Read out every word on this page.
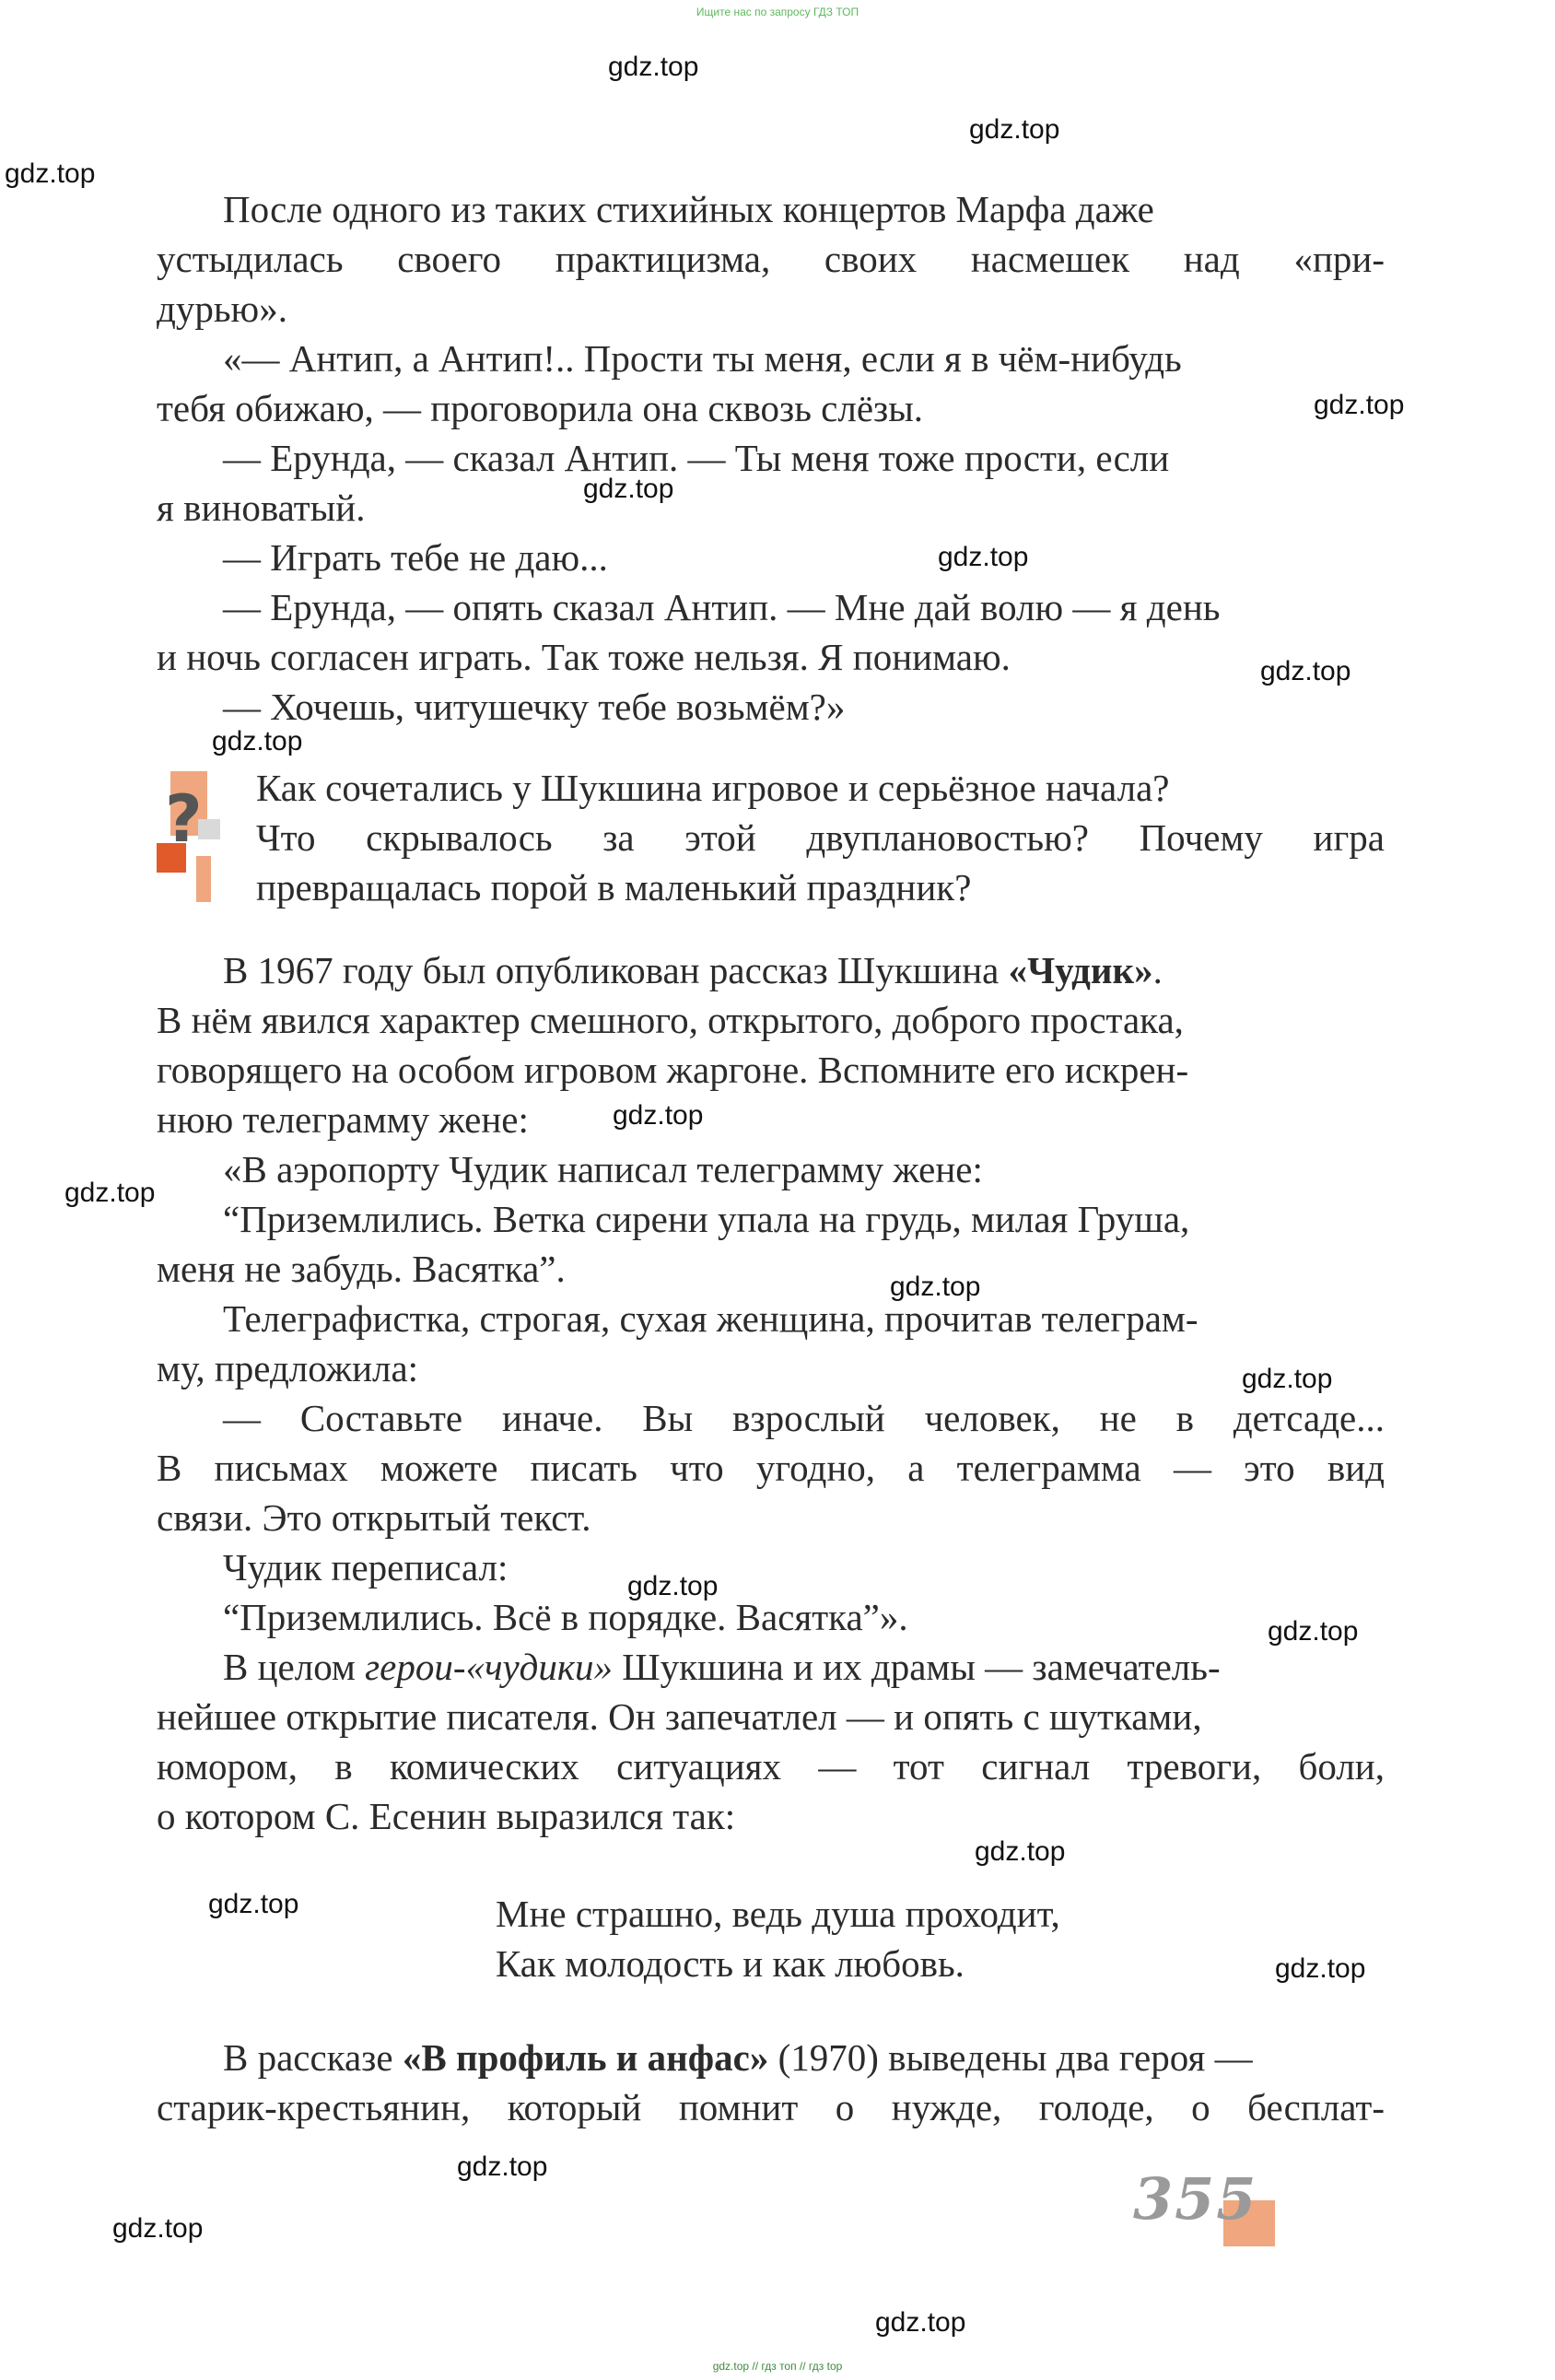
Ищите нас по запросу ГДЗ ТОП
gdz.top // гдз топ // гдз top
gdz.top
gdz.top
gdz.top
gdz.top
gdz.top
gdz.top
gdz.top
gdz.top
gdz.top
gdz.top
gdz.top
gdz.top
gdz.top
gdz.top
gdz.top
gdz.top
gdz.top
gdz.top
gdz.top
gdz.top
После одного из таких стихийных концертов Марфа даже
устыдилась своего практицизма, своих насмешек над «при-
дурью».
«— Антип, а Антип!.. Прости ты меня, если я в чём-нибудь
тебя обижаю, — проговорила она сквозь слёзы.
— Ерунда, — сказал Антип. — Ты меня тоже прости, если
я виноватый.
— Играть тебе не даю...
— Ерунда, — опять сказал Антип. — Мне дай волю — я день
и ночь согласен играть. Так тоже нельзя. Я понимаю.
— Хочешь, читушечку тебе возьмём?»
? Как сочетались у Шукшина игровое и серьёзное начала?
Что скрывалось за этой двуплановостью? Почему игра
превращалась порой в маленький праздник?
В 1967 году был опубликован рассказ Шукшина «Чудик».
В нём явился характер смешного, открытого, доброго простака,
говорящего на особом игровом жаргоне. Вспомните его искрен-
нюю телеграмму жене:
«В аэропорту Чудик написал телеграмму жене:
“Приземлились. Ветка сирени упала на грудь, милая Груша,
меня не забудь. Васятка”.
Телеграфистка, строгая, сухая женщина, прочитав телеграм-
му, предложила:
— Составьте иначе. Вы взрослый человек, не в детсаде...
В письмах можете писать что угодно, а телеграмма — это вид
связи. Это открытый текст.
Чудик переписал:
“Приземлились. Всё в порядке. Васятка”».
В целом герои-«чудики» Шукшина и их драмы — замечатель-
нейшее открытие писателя. Он запечатлел — и опять с шутками,
юмором, в комических ситуациях — тот сигнал тревоги, боли,
о котором С. Есенин выразился так:
Мне страшно, ведь душа проходит,
Как молодость и как любовь.
В рассказе «В профиль и анфас» (1970) выведены два героя —
старик-крестьянин, который помнит о нужде, голоде, о бесплат-
355
